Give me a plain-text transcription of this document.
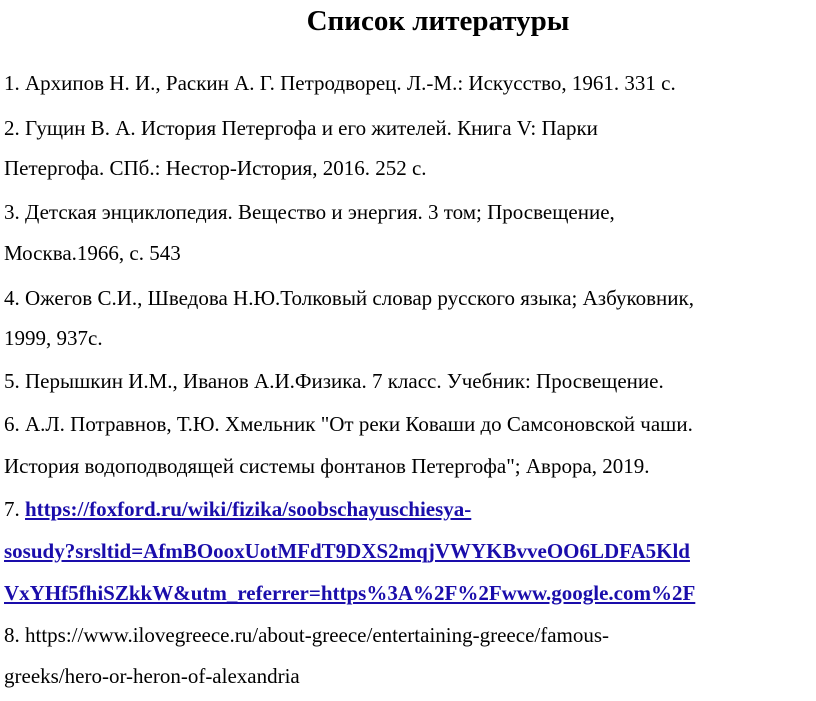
Список литературы
1. Архипов Н. И., Раскин А. Г. Петродворец. Л.-М.: Искусство, 1961. 331 с.
2. Гущин В. А. История Петергофа и его жителей. Книга V: Парки
Петергофа. СПб.: Нестор-История, 2016. 252 с.
3. Детская энциклопедия. Вещество и энергия. 3 том; Просвещение,
Москва.1966, с. 543
4. Ожегов С.И., Шведова Н.Ю.Толковый словар русского языка; Азбуковник,
1999, 937с.
5. Перышкин И.М., Иванов А.И.Физика. 7 класс. Учебник: Просвещение.
6. А.Л. Потравнов, Т.Ю. Хмельник "От реки Коваши до Самсоновской чаши.
История водоподводящей системы фонтанов Петергофа"; Аврора, 2019.
7. https://foxford.ru/wiki/fizika/soobschayuschiesya-
sosudy?srsltid=AfmBOooxUotMFdT9DXS2mqjVWYKBvveOO6LDFA5Kld
VxYHf5fhiSZkkW&utm_referrer=https%3A%2F%2Fwww.google.com%2F
8. https://www.ilovegreece.ru/about-greece/entertaining-greece/famous-
greeks/hero-or-heron-of-alexandria
